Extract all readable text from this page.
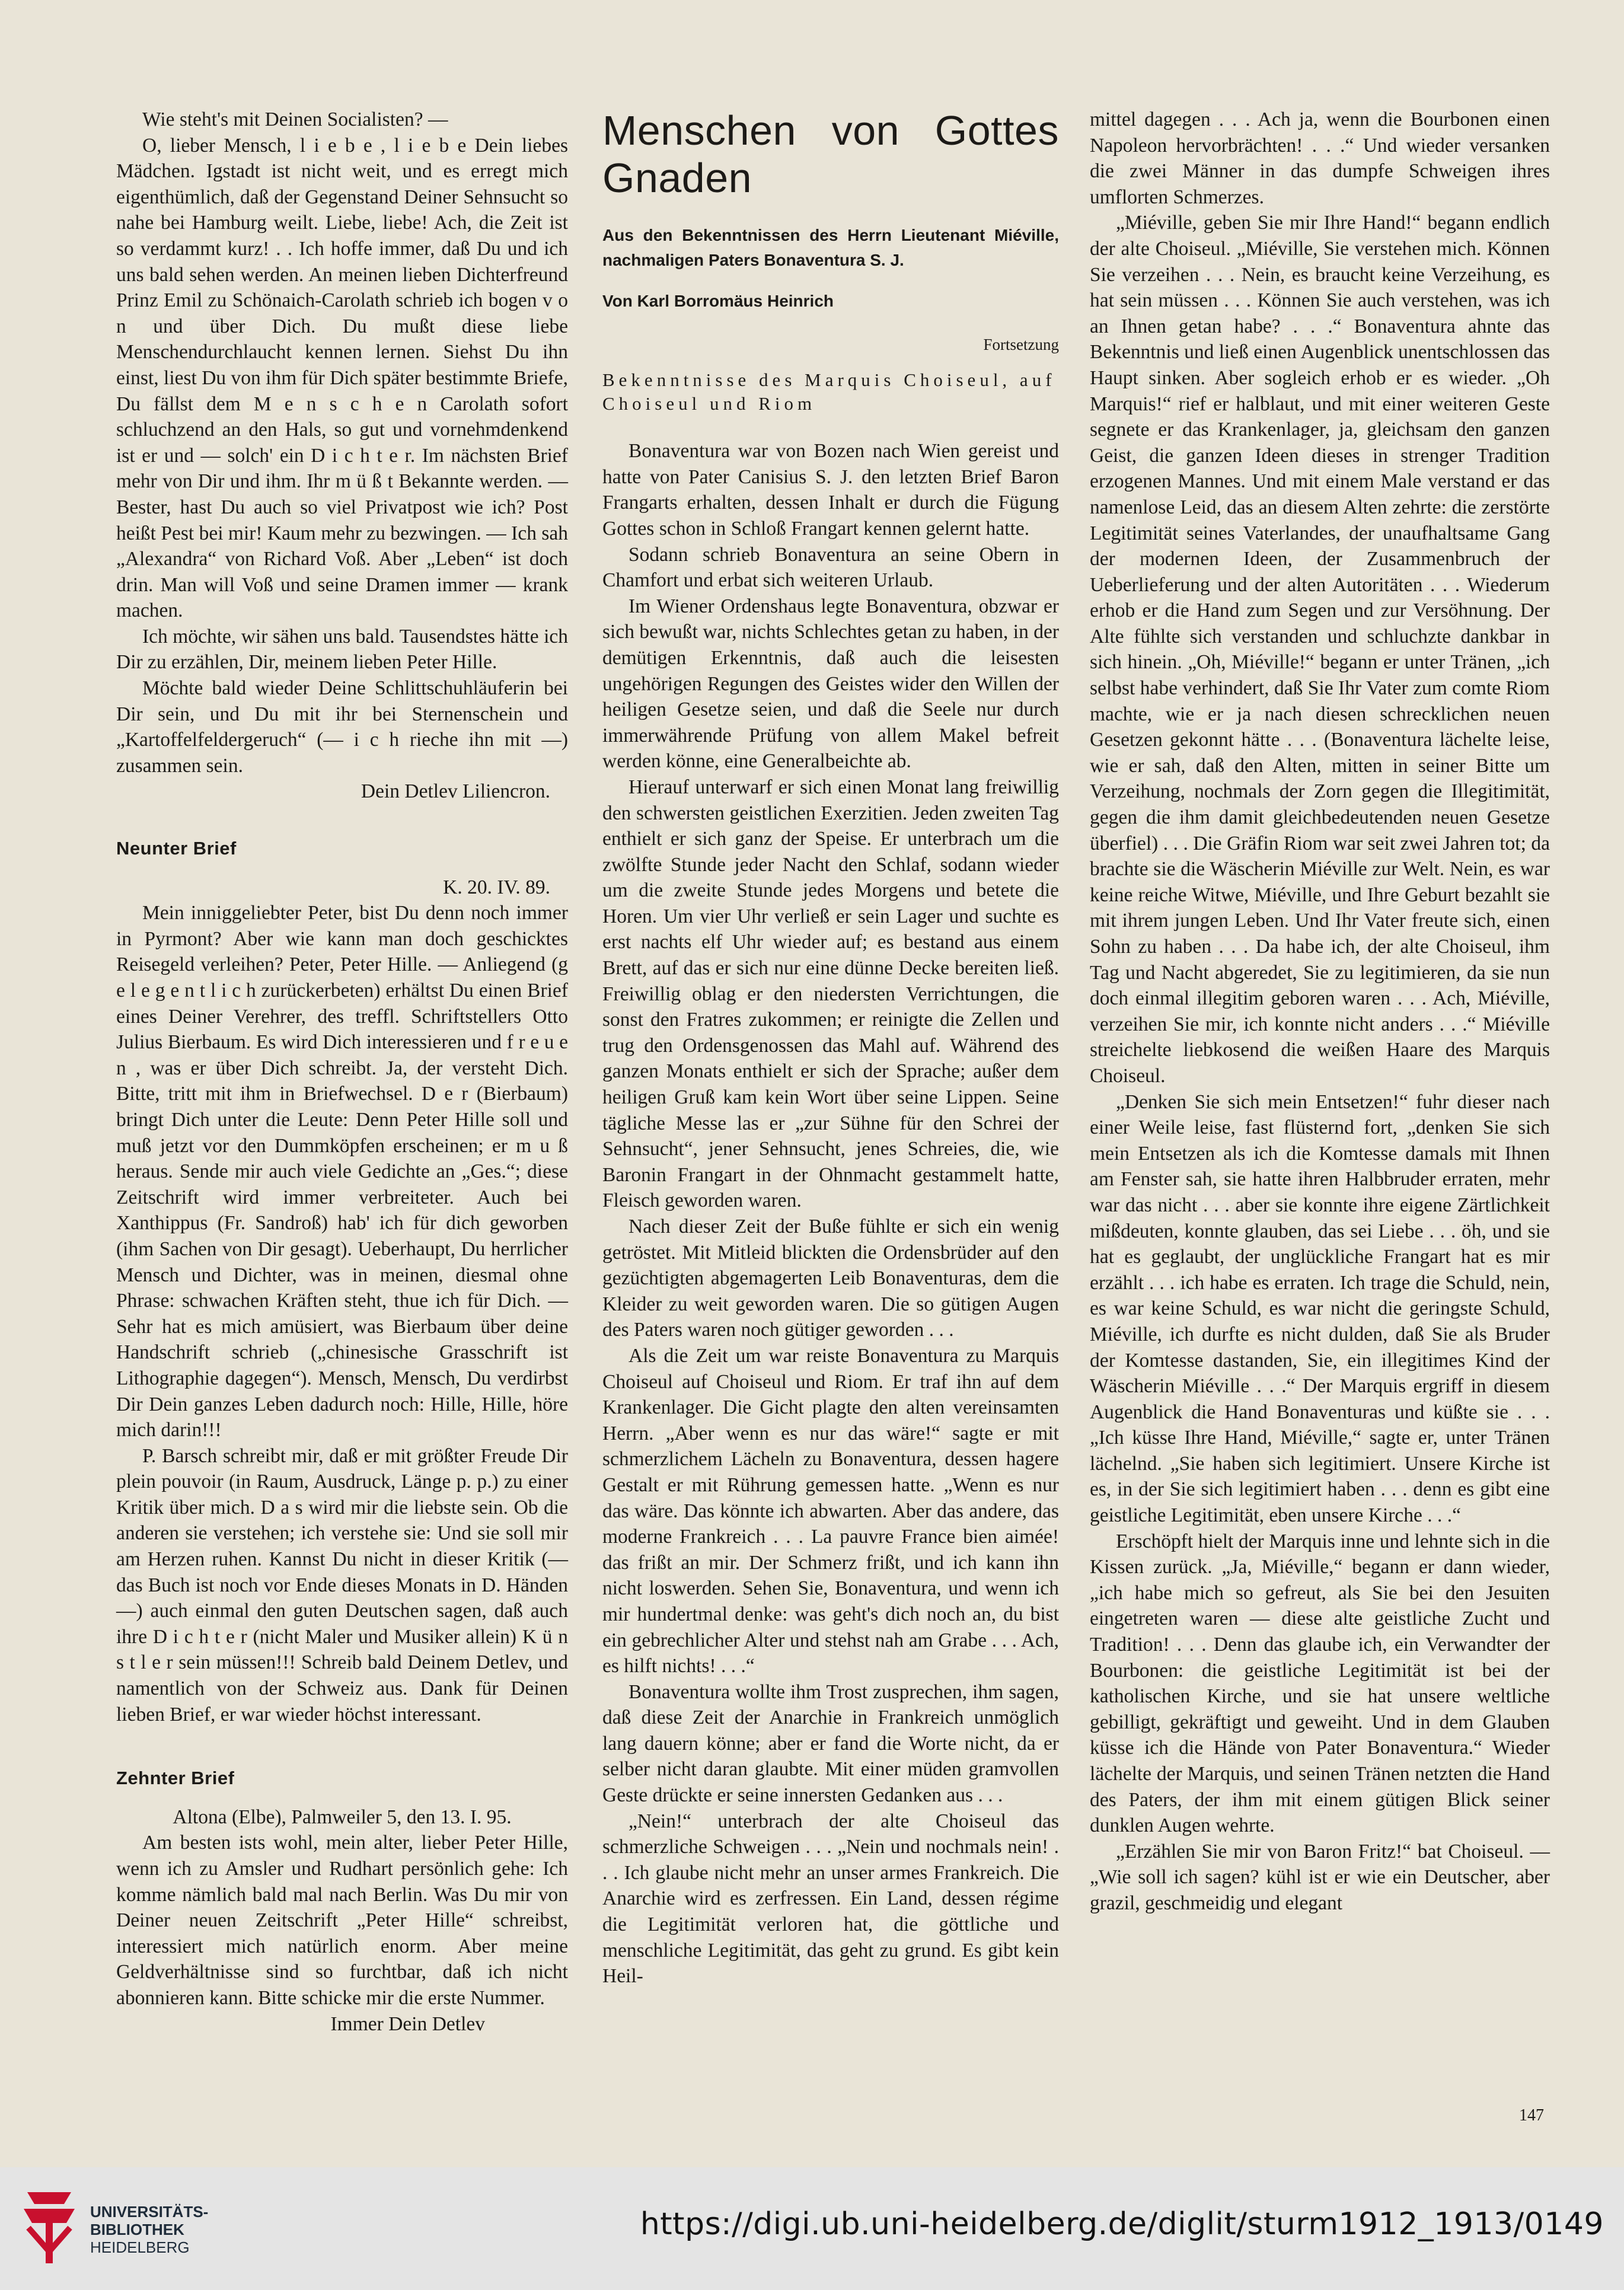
Wie steht's mit Deinen Socialisten? —

O, lieber Mensch, l i e b e , l i e b e Dein liebes Mädchen. Igstadt ist nicht weit, und es erregt mich eigenthümlich, daß der Gegenstand Deiner Sehnsucht so nahe bei Hamburg weilt. Liebe, liebe! Ach, die Zeit ist so verdammt kurz! . . Ich hoffe immer, daß Du und ich uns bald sehen werden. An meinen lieben Dichterfreund Prinz Emil zu Schönaich-Carolath schrieb ich bogen v o n und über Dich. Du mußt diese liebe Menschendurchlaucht kennen lernen. Siehst Du ihn einst, liest Du von ihm für Dich später bestimmte Briefe, Du fällst dem M e n s c h e n Carolath sofort schluchzend an den Hals, so gut und vornehmdenkend ist er und — solch' ein D i c h t e r. Im nächsten Brief mehr von Dir und ihm. Ihr m ü ß t Bekannte werden. — Bester, hast Du auch so viel Privatpost wie ich? Post heißt Pest bei mir! Kaum mehr zu bezwingen. — Ich sah „Alexandra“ von Richard Voß. Aber „Leben“ ist doch drin. Man will Voß und seine Dramen immer — krank machen.

Ich möchte, wir sähen uns bald. Tausendstes hätte ich Dir zu erzählen, Dir, meinem lieben Peter Hille.

Möchte bald wieder Deine Schlittschuhläuferin bei Dir sein, und Du mit ihr bei Sternenschein und „Kartoffelfeldergeruch“ (— i c h rieche ihn mit —) zusammen sein.

Dein Detlev Liliencron.

Neunter Brief

K. 20. IV. 89.

Mein inniggeliebter Peter, bist Du denn noch immer in Pyrmont? Aber wie kann man doch geschicktes Reisegeld verleihen? Peter, Peter Hille. — Anliegend (g e l e g e n t l i c h zurückerbeten) erhältst Du einen Brief eines Deiner Verehrer, des treffl. Schriftstellers Otto Julius Bierbaum. Es wird Dich interessieren und f r e u e n , was er über Dich schreibt. Ja, der versteht Dich. Bitte, tritt mit ihm in Briefwechsel. D e r (Bierbaum) bringt Dich unter die Leute: Denn Peter Hille soll und muß jetzt vor den Dummköpfen erscheinen; er m u ß heraus. Sende mir auch viele Gedichte an „Ges.“; diese Zeitschrift wird immer verbreiteter. Auch bei Xanthippus (Fr. Sandroß) hab' ich für dich geworben (ihm Sachen von Dir gesagt). Ueberhaupt, Du herrlicher Mensch und Dichter, was in meinen, diesmal ohne Phrase: schwachen Kräften steht, thue ich für Dich. — Sehr hat es mich amüsiert, was Bierbaum über deine Handschrift schrieb („chinesische Grasschrift ist Lithographie dagegen“). Mensch, Mensch, Du verdirbst Dir Dein ganzes Leben dadurch noch: Hille, Hille, höre mich darin!!!

P. Barsch schreibt mir, daß er mit größter Freude Dir plein pouvoir (in Raum, Ausdruck, Länge p. p.) zu einer Kritik über mich. D a s wird mir die liebste sein. Ob die anderen sie verstehen; ich verstehe sie: Und sie soll mir am Herzen ruhen. Kannst Du nicht in dieser Kritik (— das Buch ist noch vor Ende dieses Monats in D. Händen —) auch einmal den guten Deutschen sagen, daß auch ihre D i c h t e r (nicht Maler und Musiker allein) K ü n s t l e r sein müssen!!! Schreib bald Deinem Detlev, und namentlich von der Schweiz aus. Dank für Deinen lieben Brief, er war wieder höchst interessant.

Zehnter Brief

Altona (Elbe), Palmweiler 5, den 13. I. 95.

Am besten ists wohl, mein alter, lieber Peter Hille, wenn ich zu Amsler und Rudhart persönlich gehe: Ich komme nämlich bald mal nach Berlin. Was Du mir von Deiner neuen Zeitschrift „Peter Hille“ schreibst, interessiert mich natürlich enorm. Aber meine Geldverhältnisse sind so furchtbar, daß ich nicht abonnieren kann. Bitte schicke mir die erste Nummer.

Immer Dein Detlev

Menschen von Gottes Gnaden

Aus den Bekenntnissen des Herrn Lieutenant Miéville, nachmaligen Paters Bonaventura S. J.

Von Karl Borromäus Heinrich

Fortsetzung

Bekenntnisse des Marquis Choiseul, auf Choiseul und Riom

Bonaventura war von Bozen nach Wien gereist und hatte von Pater Canisius S. J. den letzten Brief Baron Frangarts erhalten, dessen Inhalt er durch die Fügung Gottes schon in Schloß Frangart kennen gelernt hatte.

Sodann schrieb Bonaventura an seine Obern in Chamfort und erbat sich weiteren Urlaub.

Im Wiener Ordenshaus legte Bonaventura, obzwar er sich bewußt war, nichts Schlechtes getan zu haben, in der demütigen Erkenntnis, daß auch die leisesten ungehörigen Regungen des Geistes wider den Willen der heiligen Gesetze seien, und daß die Seele nur durch immerwährende Prüfung von allem Makel befreit werden könne, eine Generalbeichte ab.

Hierauf unterwarf er sich einen Monat lang freiwillig den schwersten geistlichen Exerzitien. Jeden zweiten Tag enthielt er sich ganz der Speise. Er unterbrach um die zwölfte Stunde jeder Nacht den Schlaf, sodann wieder um die zweite Stunde jedes Morgens und betete die Horen. Um vier Uhr verließ er sein Lager und suchte es erst nachts elf Uhr wieder auf; es bestand aus einem Brett, auf das er sich nur eine dünne Decke bereiten ließ. Freiwillig oblag er den niedersten Verrichtungen, die sonst den Fratres zukommen; er reinigte die Zellen und trug den Ordensgenossen das Mahl auf. Während des ganzen Monats enthielt er sich der Sprache; außer dem heiligen Gruß kam kein Wort über seine Lippen. Seine tägliche Messe las er „zur Sühne für den Schrei der Sehnsucht“, jener Sehnsucht, jenes Schreies, die, wie Baronin Frangart in der Ohnmacht gestammelt hatte, Fleisch geworden waren.

Nach dieser Zeit der Buße fühlte er sich ein wenig getröstet. Mit Mitleid blickten die Ordensbrüder auf den gezüchtigten abgemagerten Leib Bonaventuras, dem die Kleider zu weit geworden waren. Die so gütigen Augen des Paters waren noch gütiger geworden . . .

Als die Zeit um war reiste Bonaventura zu Marquis Choiseul auf Choiseul und Riom. Er traf ihn auf dem Krankenlager. Die Gicht plagte den alten vereinsamten Herrn. „Aber wenn es nur das wäre!“ sagte er mit schmerzlichem Lächeln zu Bonaventura, dessen hagere Gestalt er mit Rührung gemessen hatte. „Wenn es nur das wäre. Das könnte ich abwarten. Aber das andere, das moderne Frankreich . . . La pauvre France bien aimée! das frißt an mir. Der Schmerz frißt, und ich kann ihn nicht loswerden. Sehen Sie, Bonaventura, und wenn ich mir hundertmal denke: was geht's dich noch an, du bist ein gebrechlicher Alter und stehst nah am Grabe . . . Ach, es hilft nichts! . . .“

Bonaventura wollte ihm Trost zusprechen, ihm sagen, daß diese Zeit der Anarchie in Frankreich unmöglich lang dauern könne; aber er fand die Worte nicht, da er selber nicht daran glaubte. Mit einer müden gramvollen Geste drückte er seine innersten Gedanken aus . . .

„Nein!“ unterbrach der alte Choiseul das schmerzliche Schweigen . . . „Nein und nochmals nein! . . . Ich glaube nicht mehr an unser armes Frankreich. Die Anarchie wird es zerfressen. Ein Land, dessen régime die Legitimität verloren hat, die göttliche und menschliche Legitimität, das geht zu grund. Es gibt kein Heil-

mittel dagegen . . . Ach ja, wenn die Bourbonen einen Napoleon hervorbrächten! . . .“ Und wieder versanken die zwei Männer in das dumpfe Schweigen ihres umflorten Schmerzes.

„Miéville, geben Sie mir Ihre Hand!“ begann endlich der alte Choiseul. „Miéville, Sie verstehen mich. Können Sie verzeihen . . . Nein, es braucht keine Verzeihung, es hat sein müssen . . . Können Sie auch verstehen, was ich an Ihnen getan habe? . . .“ Bonaventura ahnte das Bekenntnis und ließ einen Augenblick unentschlossen das Haupt sinken. Aber sogleich erhob er es wieder. „Oh Marquis!“ rief er halblaut, und mit einer weiteren Geste segnete er das Krankenlager, ja, gleichsam den ganzen Geist, die ganzen Ideen dieses in strenger Tradition erzogenen Mannes. Und mit einem Male verstand er das namenlose Leid, das an diesem Alten zehrte: die zerstörte Legitimität seines Vaterlandes, der unaufhaltsame Gang der modernen Ideen, der Zusammenbruch der Ueberlieferung und der alten Autoritäten . . . Wiederum erhob er die Hand zum Segen und zur Versöhnung. Der Alte fühlte sich verstanden und schluchzte dankbar in sich hinein. „Oh, Miéville!“ begann er unter Tränen, „ich selbst habe verhindert, daß Sie Ihr Vater zum comte Riom machte, wie er ja nach diesen schrecklichen neuen Gesetzen gekonnt hätte . . . (Bonaventura lächelte leise, wie er sah, daß den Alten, mitten in seiner Bitte um Verzeihung, nochmals der Zorn gegen die Illegitimität, gegen die ihm damit gleichbedeutenden neuen Gesetze überfiel) . . . Die Gräfin Riom war seit zwei Jahren tot; da brachte sie die Wäscherin Miéville zur Welt. Nein, es war keine reiche Witwe, Miéville, und Ihre Geburt bezahlt sie mit ihrem jungen Leben. Und Ihr Vater freute sich, einen Sohn zu haben . . . Da habe ich, der alte Choiseul, ihm Tag und Nacht abgeredet, Sie zu legitimieren, da sie nun doch einmal illegitim geboren waren . . . Ach, Miéville, verzeihen Sie mir, ich konnte nicht anders . . .“ Miéville streichelte liebkosend die weißen Haare des Marquis Choiseul.

„Denken Sie sich mein Entsetzen!“ fuhr dieser nach einer Weile leise, fast flüsternd fort, „denken Sie sich mein Entsetzen als ich die Komtesse damals mit Ihnen am Fenster sah, sie hatte ihren Halbbruder erraten, mehr war das nicht . . . aber sie konnte ihre eigene Zärtlichkeit mißdeuten, konnte glauben, das sei Liebe . . . öh, und sie hat es geglaubt, der unglückliche Frangart hat es mir erzählt . . . ich habe es erraten. Ich trage die Schuld, nein, es war keine Schuld, es war nicht die geringste Schuld, Miéville, ich durfte es nicht dulden, daß Sie als Bruder der Komtesse dastanden, Sie, ein illegitimes Kind der Wäscherin Miéville . . .“ Der Marquis ergriff in diesem Augenblick die Hand Bonaventuras und küßte sie . . . „Ich küsse Ihre Hand, Miéville,“ sagte er, unter Tränen lächelnd. „Sie haben sich legitimiert. Unsere Kirche ist es, in der Sie sich legitimiert haben . . . denn es gibt eine geistliche Legitimität, eben unsere Kirche . . .“

Erschöpft hielt der Marquis inne und lehnte sich in die Kissen zurück. „Ja, Miéville,“ begann er dann wieder, „ich habe mich so gefreut, als Sie bei den Jesuiten eingetreten waren — diese alte geistliche Zucht und Tradition! . . . Denn das glaube ich, ein Verwandter der Bourbonen: die geistliche Legitimität ist bei der katholischen Kirche, und sie hat unsere weltliche gebilligt, gekräftigt und geweiht. Und in dem Glauben küsse ich die Hände von Pater Bonaventura.“ Wieder lächelte der Marquis, und seinen Tränen netzten die Hand des Paters, der ihm mit einem gütigen Blick seiner dunklen Augen wehrte.

„Erzählen Sie mir von Baron Fritz!“ bat Choiseul. — „Wie soll ich sagen? kühl ist er wie ein Deutscher, aber grazil, geschmeidig und elegant

147
UNIVERSITÄTS-
BIBLIOTHEK
HEIDELBERG
https://digi.ub.uni-heidelberg.de/diglit/sturm1912_1913/0149
